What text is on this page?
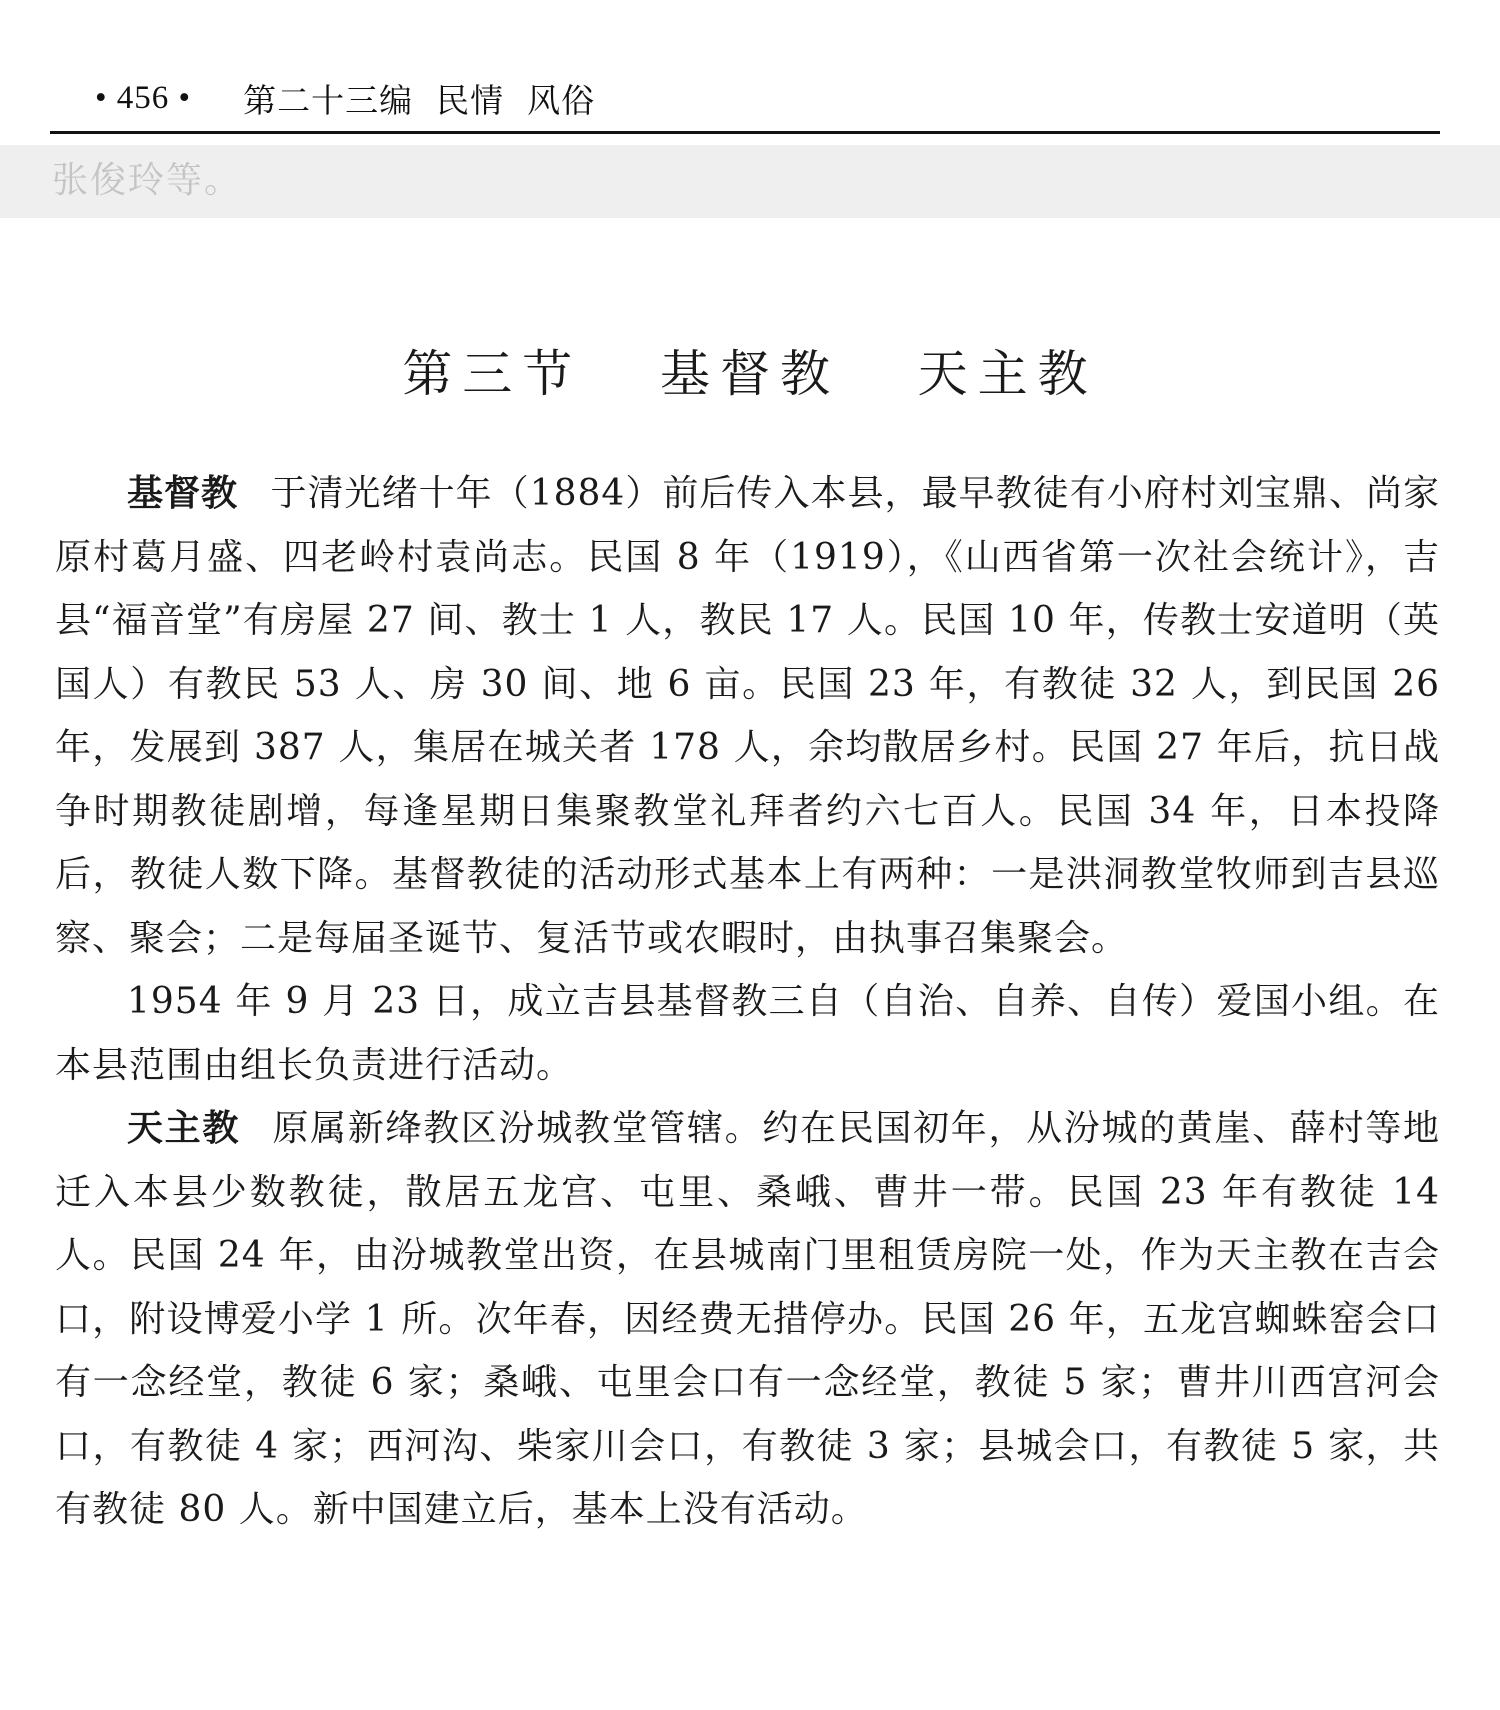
• 456 • 第二十三编  民情  风俗
张俊玲等。
第三节   基督教   天主教

基督教 于清光绪十年（1884）前后传入本县，最早教徒有小府村刘宝鼎、尚家原村葛月盛、四老岭村袁尚志。民国 8 年（1919），《山西省第一次社会统计》，吉县“福音堂”有房屋 27 间、教士 1 人，教民 17 人。民国 10 年，传教士安道明（英国人）有教民 53 人、房 30 间、地 6 亩。民国 23 年，有教徒 32 人，到民国 26 年，发展到 387 人，集居在城关者 178 人，余均散居乡村。民国 27 年后，抗日战争时期教徒剧增，每逢星期日集聚教堂礼拜者约六七百人。民国 34 年，日本投降后，教徒人数下降。基督教徒的活动形式基本上有两种：一是洪洞教堂牧师到吉县巡察、聚会；二是每届圣诞节、复活节或农暇时，由执事召集聚会。

1954 年 9 月 23 日，成立吉县基督教三自（自治、自养、自传）爱国小组。在本县范围由组长负责进行活动。

天主教 原属新绛教区汾城教堂管辖。约在民国初年，从汾城的黄崖、薛村等地迁入本县少数教徒，散居五龙宫、屯里、桑峨、曹井一带。民国 23 年有教徒 14 人。民国 24 年，由汾城教堂出资，在县城南门里租赁房院一处，作为天主教在吉会口，附设博爱小学 1 所。次年春，因经费无措停办。民国 26 年，五龙宫蜘蛛窑会口有一念经堂，教徒 6 家；桑峨、屯里会口有一念经堂，教徒 5 家；曹井川西宫河会口，有教徒 4 家；西河沟、柴家川会口，有教徒 3 家；县城会口，有教徒 5 家，共有教徒 80 人。新中国建立后，基本上没有活动。
